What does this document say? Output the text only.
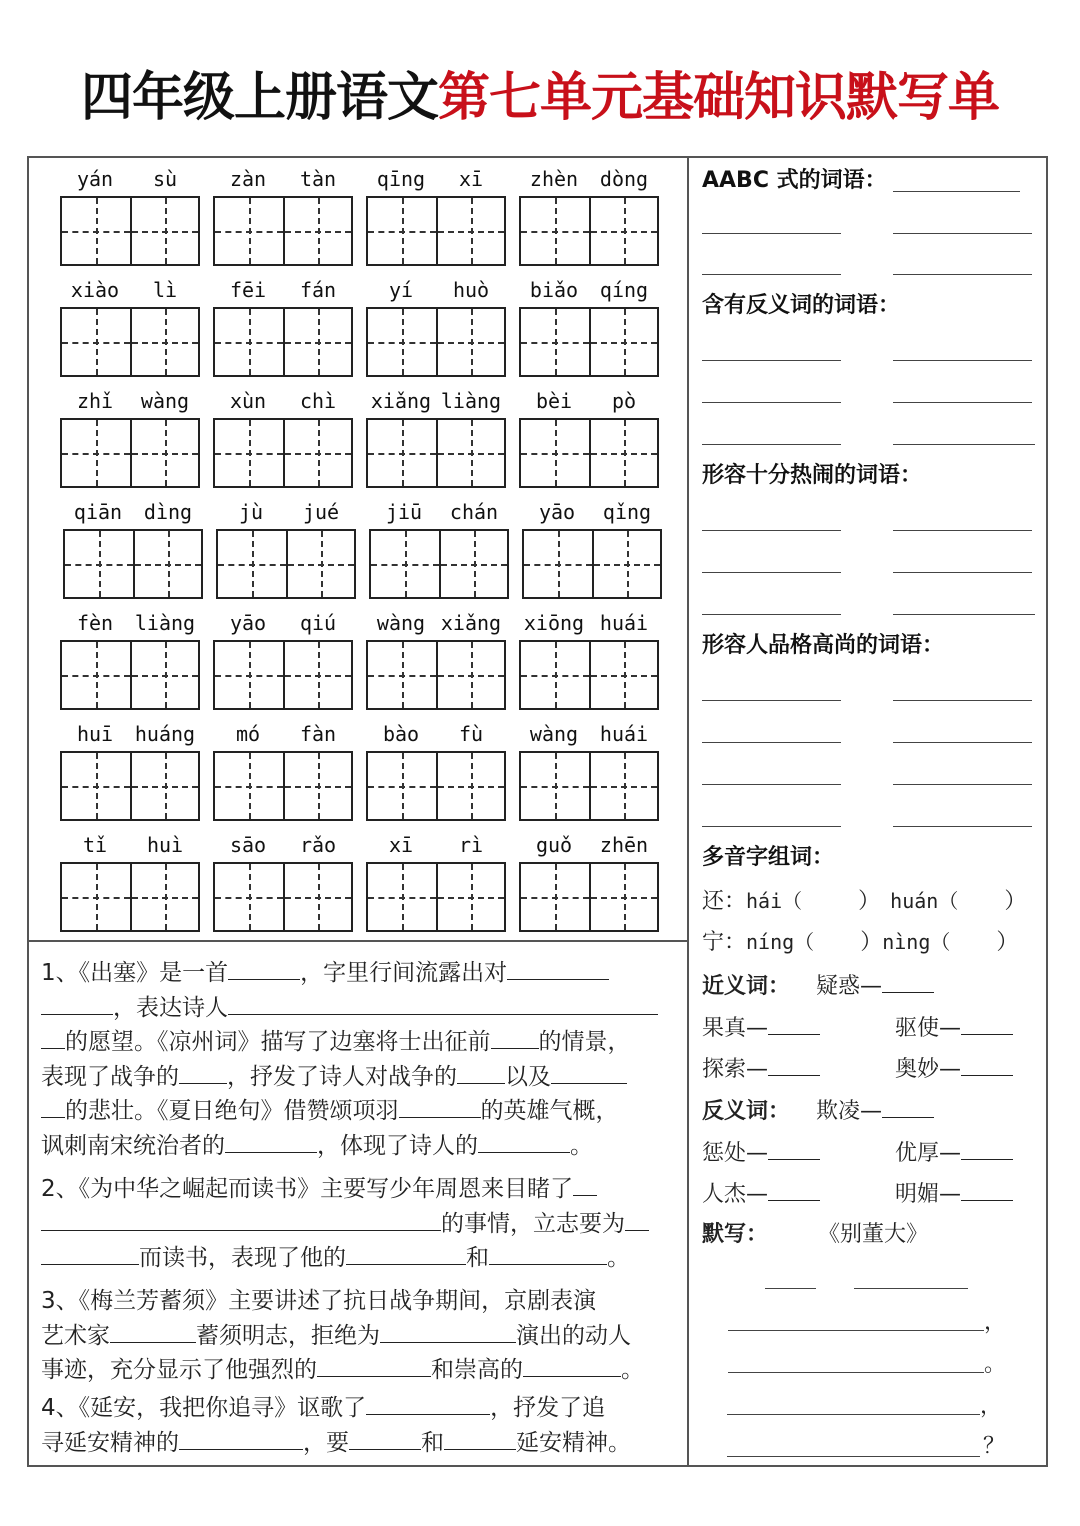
四年级上册语文第七单元基础知识默写单
yán	sù	zàn	tàn	qīng	xī	zhèn	dòng
xiào	lì	fēi	fán	yí	huò	biǎo	qíng
zhǐ	wàng	xùn	chì	xiǎng liàng	bèi	pò
qiān	dìng	jù	jué	jiū	chán	yāo	qǐng
fèn	liàng	yāo	qiú	wàng xiǎng xiōng huái
huī	huáng	mó	fàn	bào	fù	wàng	huái
tǐ	huì	sāo	rǎo	xī	rì	guǒ	zhēn
1、《出塞》是一首	，字里行间流露出对
，表达诗人
的愿望。《凉州词》描写了边塞将士出征前 的情景，
表现了战争的 ，抒发了诗人对战争的 以及
的悲壮。《夏日绝句》借赞颂项羽	的英雄气概，
讽刺南宋统治者的	，体现了诗人的	。
2、《为中华之崛起而读书》主要写少年周恩来目睹了
的事情，立志要为
而读书，表现了他的	和	。
3、《梅兰芳蓄须》主要讲述了抗日战争期间，京剧表演
艺术家	蓄须明志，拒绝为	演出的动人
事迹，充分显示了他强烈的	和崇高的	。
4、《延安，我把你追寻》讴歌了	，抒发了追
寻延安精神的	，要	和	延安精神。
AABC 式的词语：
含有反义词的词语：
形容十分热闹的词语：
形容人品格高尚的词语：
多音字组词：
还：hái（	） huán（ ）
宁：níng（ ）nìng（ ）
近义词： 疑惑—
果真—	驱使—
探索—	奥妙—
反义词： 欺凌—
惩处—	优厚—
人杰—	明媚—
默写： 《别董大》
，
。
，
？
